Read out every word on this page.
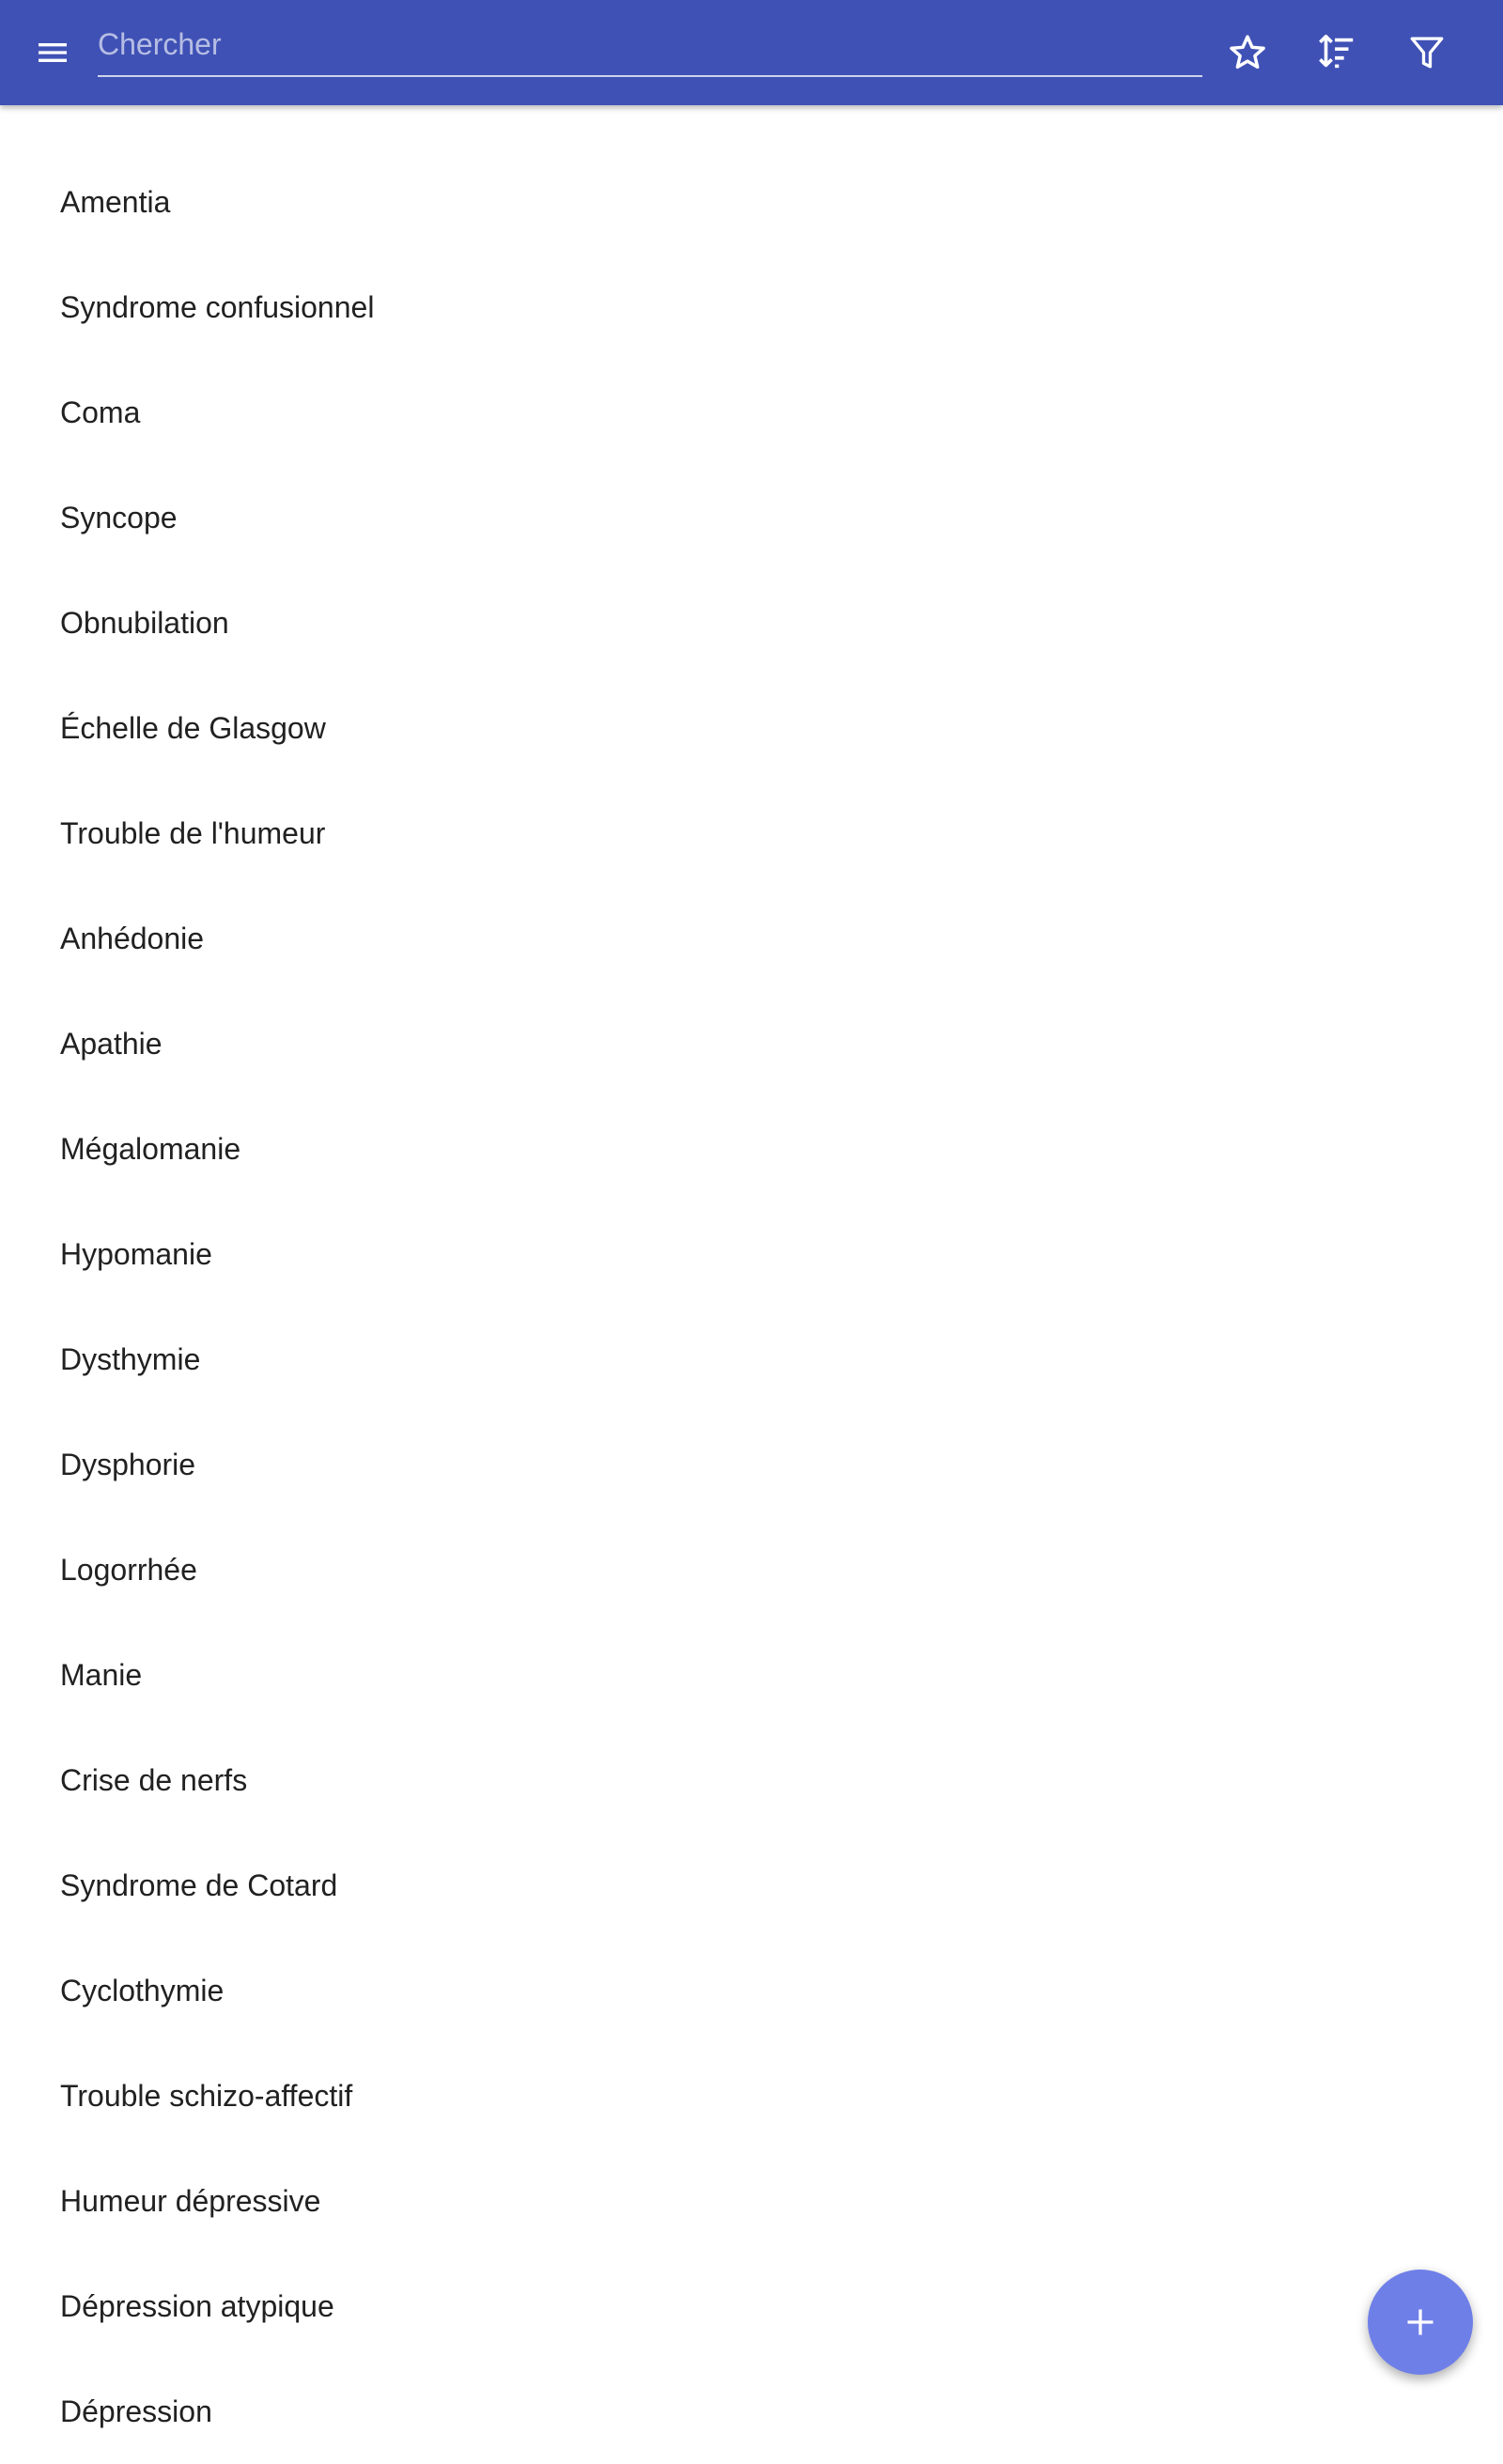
Chercher
Amentia
Syndrome confusionnel
Coma
Syncope
Obnubilation
Échelle de Glasgow
Trouble de l'humeur
Anhédonie
Apathie
Mégalomanie
Hypomanie
Dysthymie
Dysphorie
Logorrhée
Manie
Crise de nerfs
Syndrome de Cotard
Cyclothymie
Trouble schizo-affectif
Humeur dépressive
Dépression atypique
Dépression
